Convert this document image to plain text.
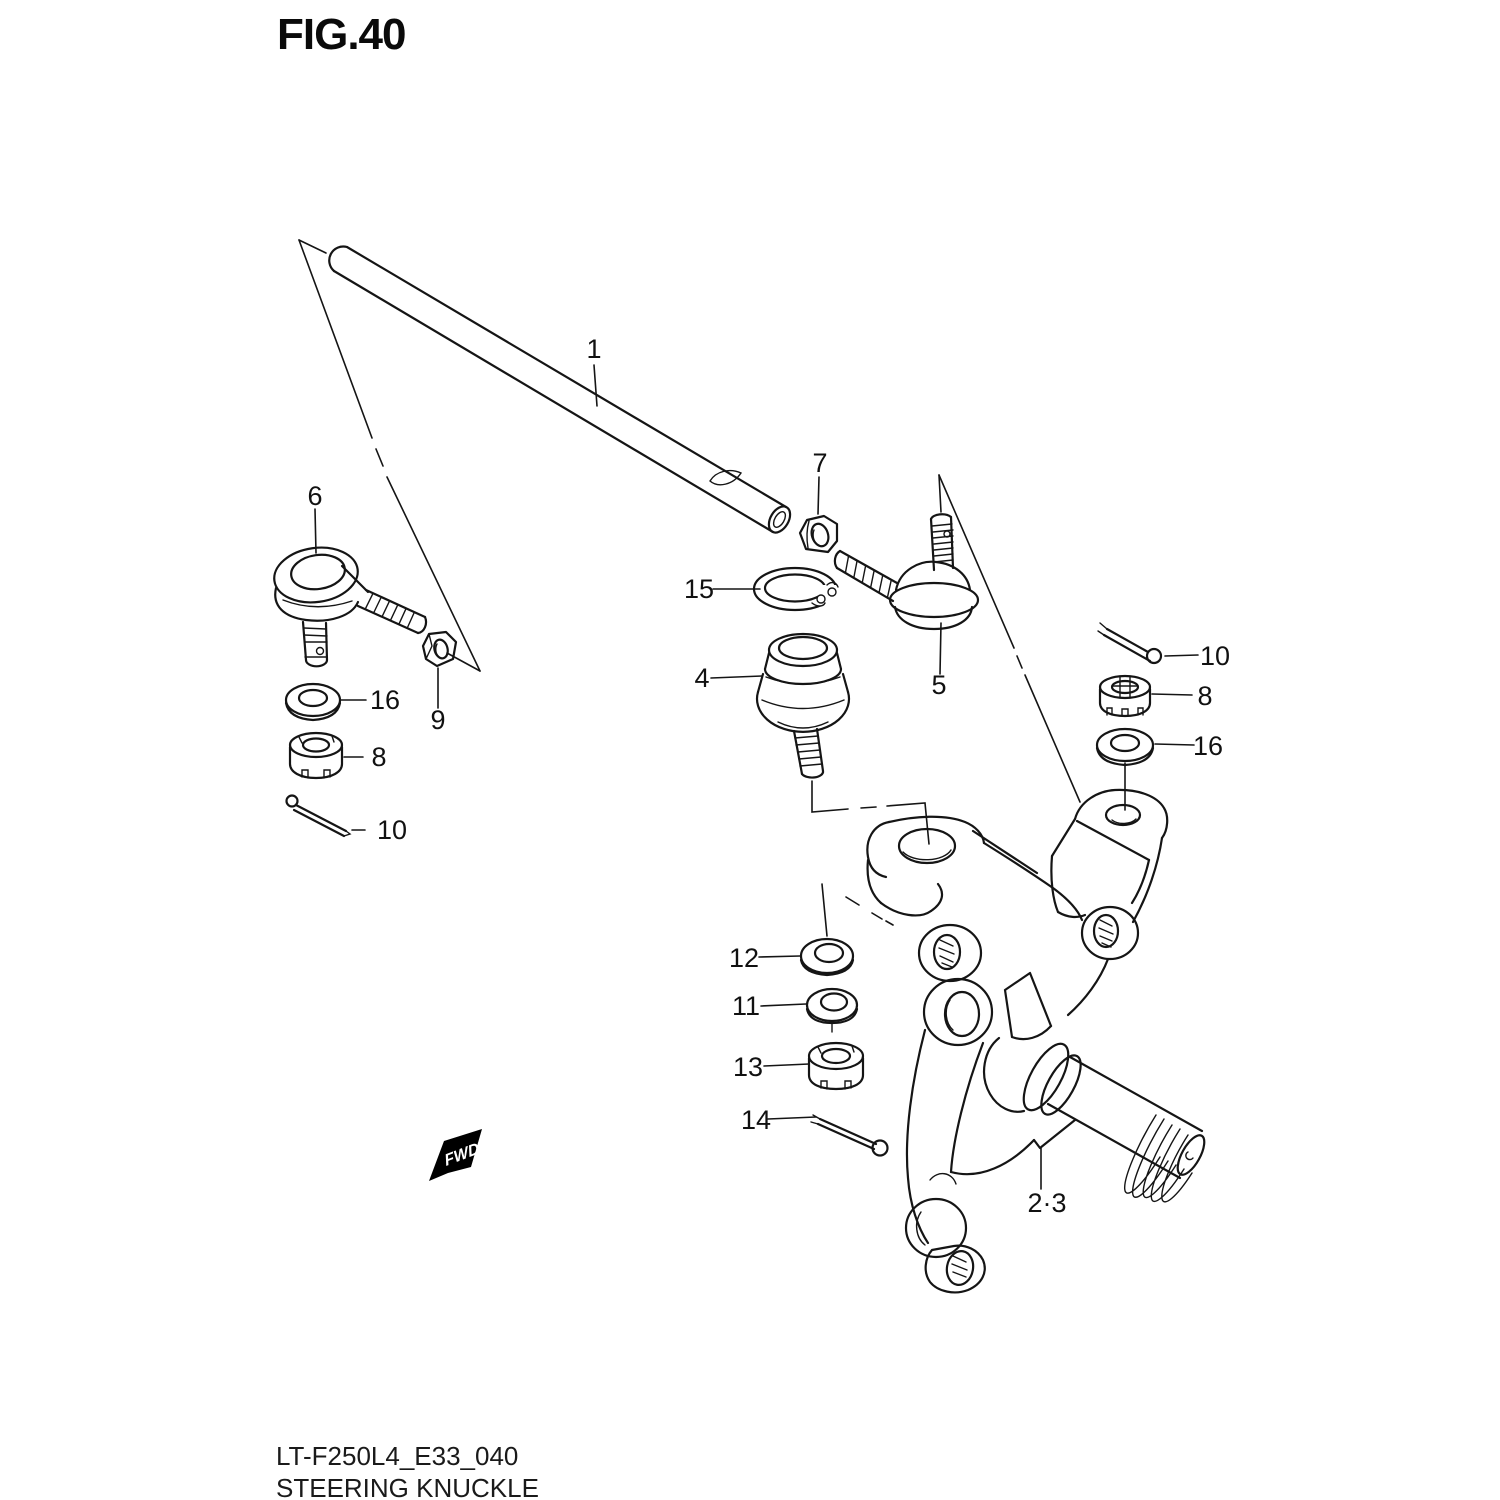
FIG.40
FWD
1
6
7
15
4	5
9
16
8
10
10
8
16
12
11
13
14
2·3
LT-F250L4_E33_040
STEERING KNUCKLE
